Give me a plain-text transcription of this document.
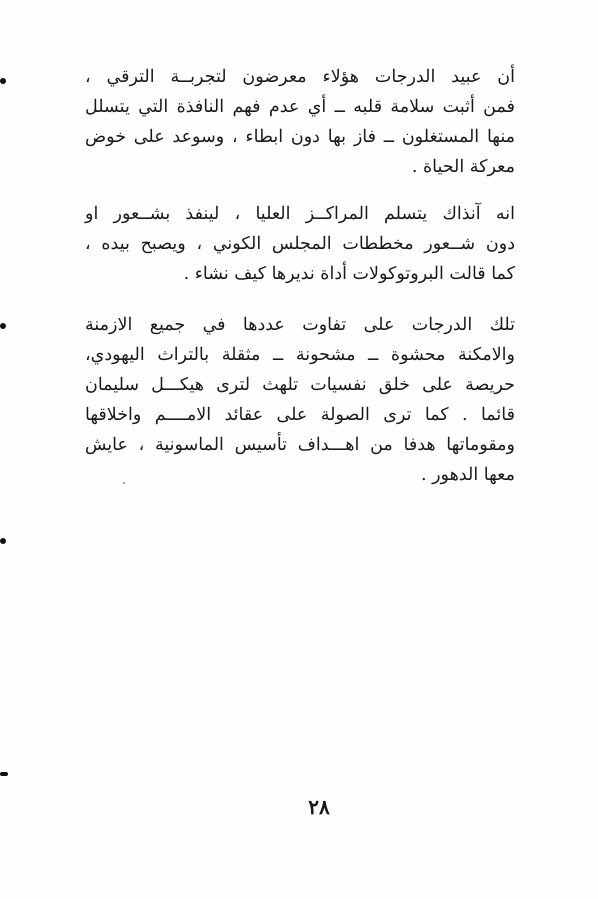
أن عبيد الدرجات هؤلاء معرضون لتجربــة الترقي ،
فمن أثبت سلامة قلبه ــ أي عدم فهم النافذة التي يتسلل
منها المستغلون ــ فاز بها دون ابطاء ، وسوعد على خوض
معركة الحياة .
انه آنذاك يتسلم المراكــز العليا ، لينفذ بشــعور او
دون شــعور مخططات المجلس الكوني ، ويصبح بيده ،
كما قالت البروتوكولات أداة نديرها كيف نشاء .
تلك الدرجات على تفاوت عددها في جميع الازمنة
والامكنة محشوة ــ مشحونة ــ مثقلة بالتراث اليهودي،
حريصة على خلق نفسيات تلهث لترى هيكـــل سليمان
قائما . كما ترى الصولة على عقائد الامــــم واخلاقها
ومقوماتها هدفا من اهـــداف تأسيس الماسونية ، عايش
معها الدهور .
٢٨
